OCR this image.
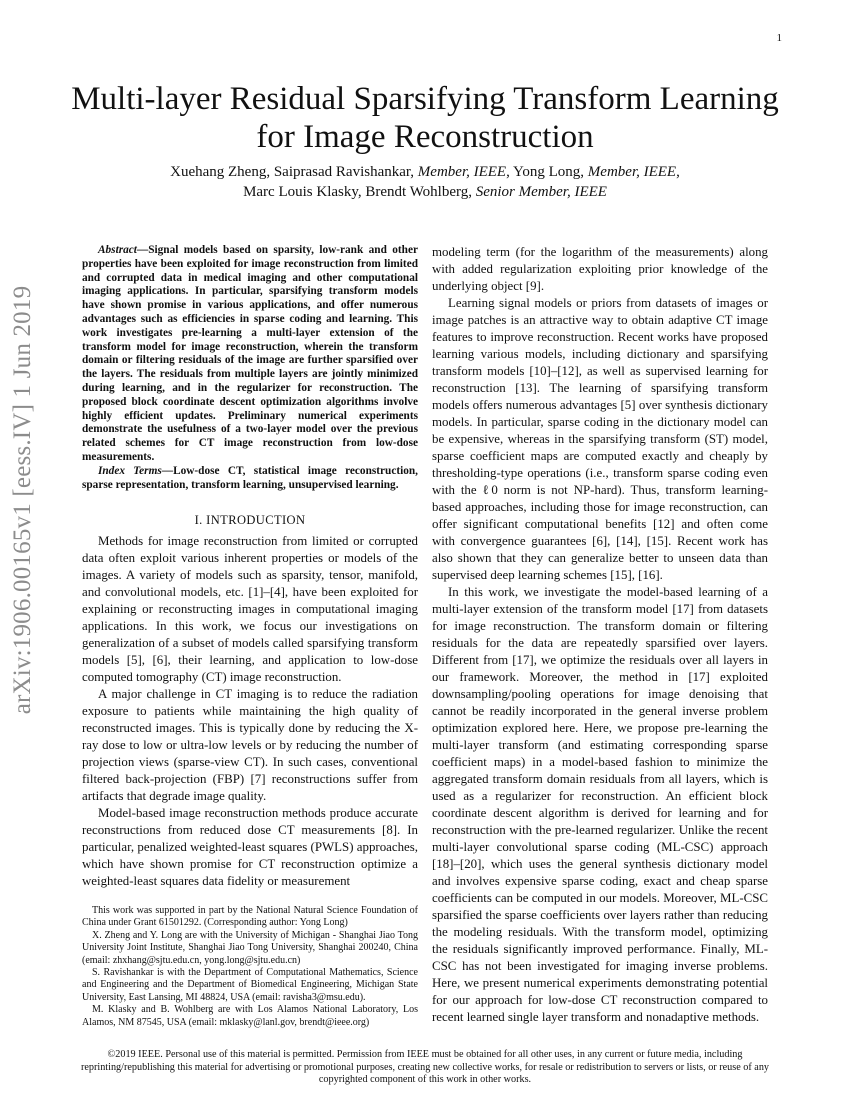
1
arXiv:1906.00165v1 [eess.IV] 1 Jun 2019
Multi-layer Residual Sparsifying Transform Learning for Image Reconstruction
Xuehang Zheng, Saiprasad Ravishankar, Member, IEEE, Yong Long, Member, IEEE,
Marc Louis Klasky, Brendt Wohlberg, Senior Member, IEEE

Abstract—Signal models based on sparsity, low-rank and other properties have been exploited for image reconstruction from limited and corrupted data in medical imaging and other computational imaging applications. In particular, sparsifying transform models have shown promise in various applications, and offer numerous advantages such as efficiencies in sparse coding and learning. This work investigates pre-learning a multi-layer extension of the transform model for image reconstruction, wherein the transform domain or filtering residuals of the image are further sparsified over the layers. The residuals from multiple layers are jointly minimized during learning, and in the regularizer for reconstruction. The proposed block coordinate descent optimization algorithms involve highly efficient updates. Preliminary numerical experiments demonstrate the usefulness of a two-layer model over the previous related schemes for CT image reconstruction from low-dose measurements.

Index Terms—Low-dose CT, statistical image reconstruction, sparse representation, transform learning, unsupervised learning.

I. INTRODUCTION

Methods for image reconstruction from limited or corrupted data often exploit various inherent properties or models of the images. A variety of models such as sparsity, tensor, manifold, and convolutional models, etc. [1]–[4], have been exploited for explaining or reconstructing images in computational imaging applications. In this work, we focus our investigations on generalization of a subset of models called sparsifying transform models [5], [6], their learning, and application to low-dose computed tomography (CT) image reconstruction.

A major challenge in CT imaging is to reduce the radiation exposure to patients while maintaining the high quality of reconstructed images. This is typically done by reducing the X-ray dose to low or ultra-low levels or by reducing the number of projection views (sparse-view CT). In such cases, conventional filtered back-projection (FBP) [7] reconstructions suffer from artifacts that degrade image quality.

Model-based image reconstruction methods produce accurate reconstructions from reduced dose CT measurements [8]. In particular, penalized weighted-least squares (PWLS) approaches, which have shown promise for CT reconstruction optimize a weighted-least squares data fidelity or measurement

This work was supported in part by the National Natural Science Foundation of China under Grant 61501292. (Corresponding author: Yong Long)

X. Zheng and Y. Long are with the University of Michigan - Shanghai Jiao Tong University Joint Institute, Shanghai Jiao Tong University, Shanghai 200240, China (email: zhxhang@sjtu.edu.cn, yong.long@sjtu.edu.cn)

S. Ravishankar is with the Department of Computational Mathematics, Science and Engineering and the Department of Biomedical Engineering, Michigan State University, East Lansing, MI 48824, USA (email: ravisha3@msu.edu).

M. Klasky and B. Wohlberg are with Los Alamos National Laboratory, Los Alamos, NM 87545, USA (email: mklasky@lanl.gov, brendt@ieee.org)

modeling term (for the logarithm of the measurements) along with added regularization exploiting prior knowledge of the underlying object [9].

Learning signal models or priors from datasets of images or image patches is an attractive way to obtain adaptive CT image features to improve reconstruction. Recent works have proposed learning various models, including dictionary and sparsifying transform models [10]–[12], as well as supervised learning for reconstruction [13]. The learning of sparsifying transform models offers numerous advantages [5] over synthesis dictionary models. In particular, sparse coding in the dictionary model can be expensive, whereas in the sparsifying transform (ST) model, sparse coefficient maps are computed exactly and cheaply by thresholding-type operations (i.e., transform sparse coding even with the ℓ0 norm is not NP-hard). Thus, transform learning-based approaches, including those for image reconstruction, can offer significant computational benefits [12] and often come with convergence guarantees [6], [14], [15]. Recent work has also shown that they can generalize better to unseen data than supervised deep learning schemes [15], [16].

In this work, we investigate the model-based learning of a multi-layer extension of the transform model [17] from datasets for image reconstruction. The transform domain or filtering residuals for the data are repeatedly sparsified over layers. Different from [17], we optimize the residuals over all layers in our framework. Moreover, the method in [17] exploited downsampling/pooling operations for image denoising that cannot be readily incorporated in the general inverse problem optimization explored here. Here, we propose pre-learning the multi-layer transform (and estimating corresponding sparse coefficient maps) in a model-based fashion to minimize the aggregated transform domain residuals from all layers, which is used as a regularizer for reconstruction. An efficient block coordinate descent algorithm is derived for learning and for reconstruction with the pre-learned regularizer. Unlike the recent multi-layer convolutional sparse coding (ML-CSC) approach [18]–[20], which uses the general synthesis dictionary model and involves expensive sparse coding, exact and cheap sparse coefficients can be computed in our models. Moreover, ML-CSC sparsified the sparse coefficients over layers rather than reducing the modeling residuals. With the transform model, optimizing the residuals significantly improved performance. Finally, ML-CSC has not been investigated for imaging inverse problems. Here, we present numerical experiments demonstrating potential for our approach for low-dose CT reconstruction compared to recent learned single layer transform and nonadaptive methods.

©2019 IEEE. Personal use of this material is permitted. Permission from IEEE must be obtained for all other uses, in any current or future media, including reprinting/republishing this material for advertising or promotional purposes, creating new collective works, for resale or redistribution to servers or lists, or reuse of any copyrighted component of this work in other works.
